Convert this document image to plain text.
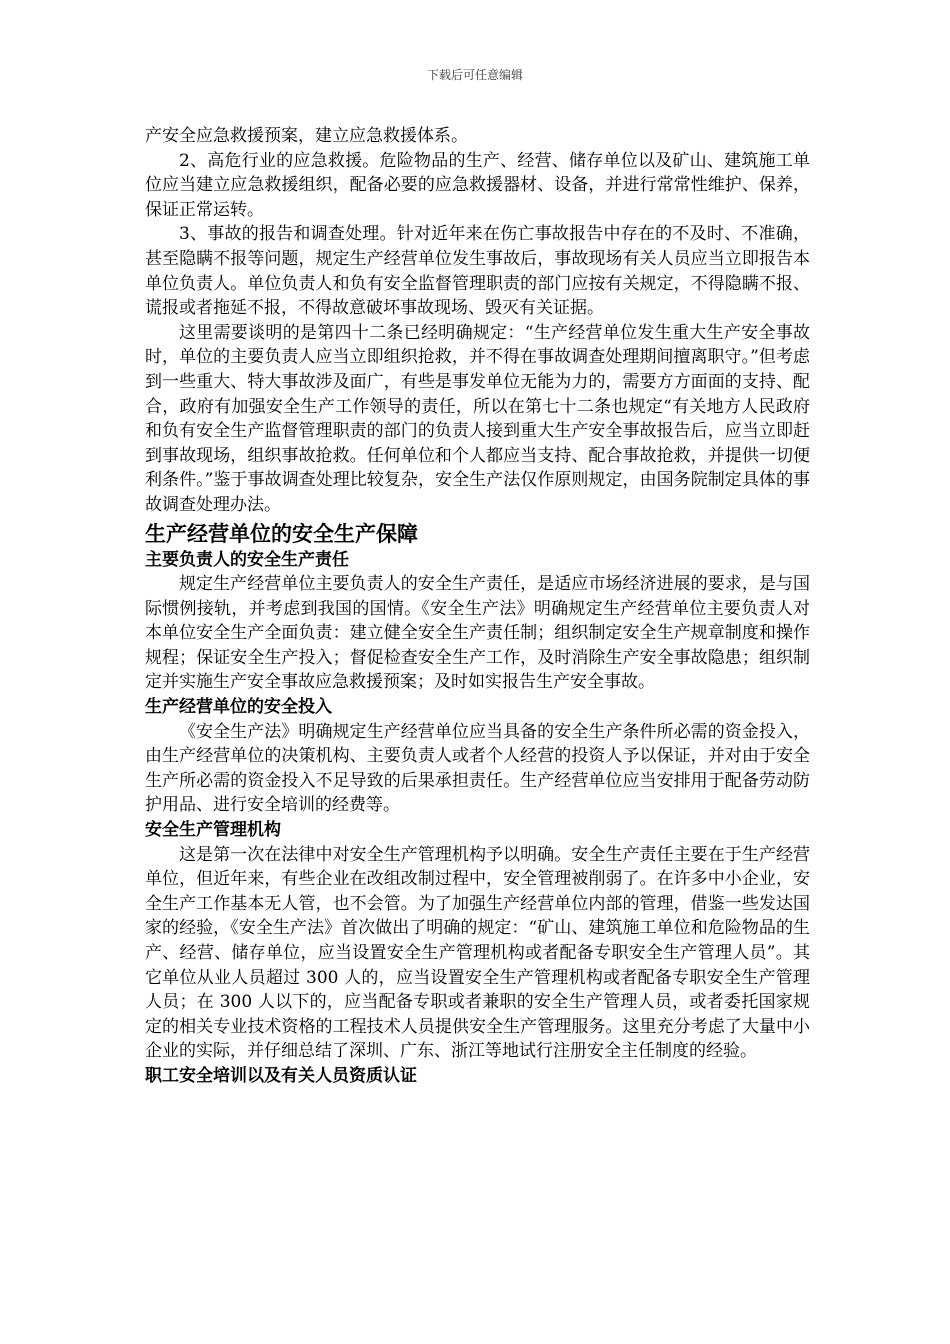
下载后可任意编辑

产安全应急救援预案，建立应急救援体系。

2、高危行业的应急救援。危险物品的生产、经营、储存单位以及矿山、建筑施工单位应当建立应急救援组织，配备必要的应急救援器材、设备，并进行常常性维护、保养，保证正常运转。

3、事故的报告和调查处理。针对近年来在伤亡事故报告中存在的不及时、不准确，甚至隐瞒不报等问题，规定生产经营单位发生事故后，事故现场有关人员应当立即报告本单位负责人。单位负责人和负有安全监督管理职责的部门应按有关规定，不得隐瞒不报、谎报或者拖延不报，不得故意破坏事故现场、毁灭有关证据。

这里需要谈明的是第四十二条已经明确规定：“生产经营单位发生重大生产安全事故时，单位的主要负责人应当立即组织抢救，并不得在事故调查处理期间擅离职守。”但考虑到一些重大、特大事故涉及面广，有些是事发单位无能为力的，需要方方面面的支持、配合，政府有加强安全生产工作领导的责任，所以在第七十二条也规定“有关地方人民政府和负有安全生产监督管理职责的部门的负责人接到重大生产安全事故报告后，应当立即赶到事故现场，组织事故抢救。任何单位和个人都应当支持、配合事故抢救，并提供一切便利条件。”鉴于事故调查处理比较复杂，安全生产法仅作原则规定，由国务院制定具体的事故调查处理办法。

生产经营单位的安全生产保障
主要负责人的安全生产责任

规定生产经营单位主要负责人的安全生产责任，是适应市场经济进展的要求，是与国际惯例接轨，并考虑到我国的国情。《安全生产法》明确规定生产经营单位主要负责人对本单位安全生产全面负责：建立健全安全生产责任制；组织制定安全生产规章制度和操作规程；保证安全生产投入；督促检查安全生产工作，及时消除生产安全事故隐患；组织制定并实施生产安全事故应急救援预案；及时如实报告生产安全事故。

生产经营单位的安全投入

《安全生产法》明确规定生产经营单位应当具备的安全生产条件所必需的资金投入，由生产经营单位的决策机构、主要负责人或者个人经营的投资人予以保证，并对由于安全生产所必需的资金投入不足导致的后果承担责任。生产经营单位应当安排用于配备劳动防护用品、进行安全培训的经费等。

安全生产管理机构

这是第一次在法律中对安全生产管理机构予以明确。安全生产责任主要在于生产经营单位，但近年来，有些企业在改组改制过程中，安全管理被削弱了。在许多中小企业，安全生产工作基本无人管，也不会管。为了加强生产经营单位内部的管理，借鉴一些发达国家的经验，《安全生产法》首次做出了明确的规定：“矿山、建筑施工单位和危险物品的生产、经营、储存单位，应当设置安全生产管理机构或者配备专职安全生产管理人员”。其它单位从业人员超过 300 人的，应当设置安全生产管理机构或者配备专职安全生产管理人员；在 300 人以下的，应当配备专职或者兼职的安全生产管理人员，或者委托国家规定的相关专业技术资格的工程技术人员提供安全生产管理服务。这里充分考虑了大量中小企业的实际，并仔细总结了深圳、广东、浙江等地试行注册安全主任制度的经验。

职工安全培训以及有关人员资质认证
